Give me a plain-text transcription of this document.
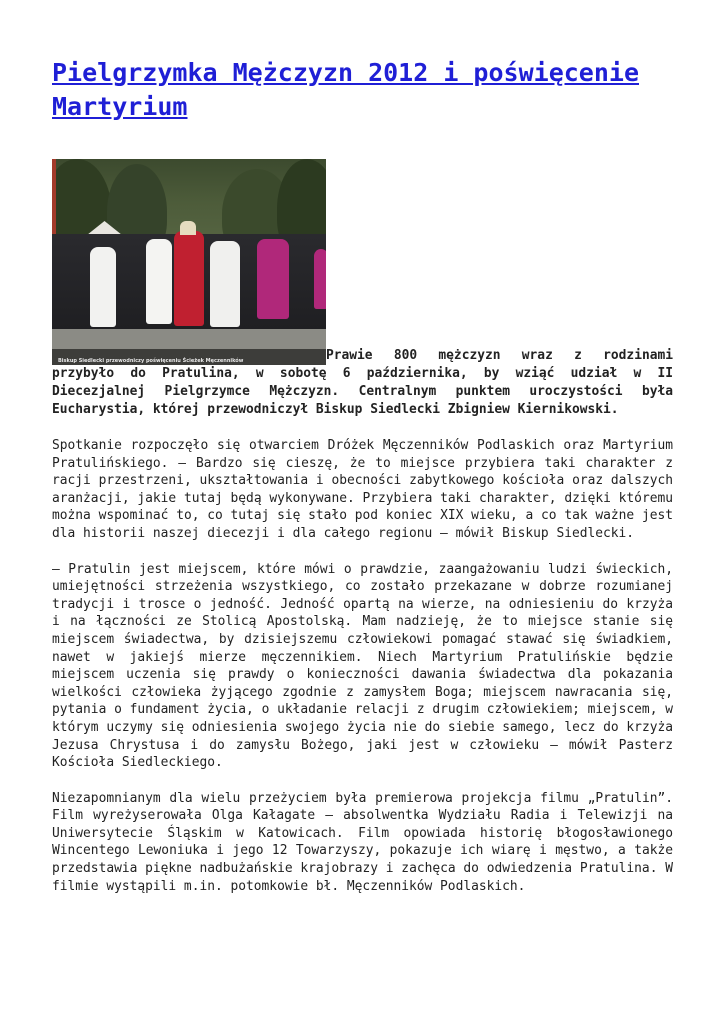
Pielgrzymka Mężczyzn 2012 i poświęcenie Martyrium
Biskup Siedlecki przewodniczy poświęceniu Ścieżek Męczenników	Prawie 800 mężczyzn wraz z rodzinami przybyło do Pratulina, w sobotę 6 października, by wziąć udział w II Diecezjalnej Pielgrzymce Mężczyzn. Centralnym punktem uroczystości była Eucharystia, której przewodniczył Biskup Siedlecki Zbigniew Kiernikowski.

Spotkanie rozpoczęło się otwarciem Dróżek Męczenników Podlaskich oraz Martyrium Pratulińskiego. – Bardzo się cieszę, że to miejsce przybiera taki charakter z racji przestrzeni, ukształtowania i obecności zabytkowego kościoła oraz dalszych aranżacji, jakie tutaj będą wykonywane. Przybiera taki charakter, dzięki któremu można wspominać to, co tutaj się stało pod koniec XIX wieku, a co tak ważne jest dla historii naszej diecezji i dla całego regionu – mówił Biskup Siedlecki.

– Pratulin jest miejscem, które mówi o prawdzie, zaangażowaniu ludzi świeckich, umiejętności strzeżenia wszystkiego, co zostało przekazane w dobrze rozumianej tradycji i trosce o jedność. Jedność opartą na wierze, na odniesieniu do krzyża i na łączności ze Stolicą Apostolską. Mam nadzieję, że to miejsce stanie się miejscem świadectwa, by dzisiejszemu człowiekowi pomagać stawać się świadkiem, nawet w jakiejś mierze męczennikiem. Niech Martyrium Pratulińskie będzie miejscem uczenia się prawdy o konieczności dawania świadectwa dla pokazania wielkości człowieka żyjącego zgodnie z zamysłem Boga; miejscem nawracania się, pytania o fundament życia, o układanie relacji z drugim człowiekiem; miejscem, w którym uczymy się odniesienia swojego życia nie do siebie samego, lecz do krzyża Jezusa Chrystusa i do zamysłu Bożego, jaki jest w człowieku – mówił Pasterz Kościoła Siedleckiego.

Niezapomnianym dla wielu przeżyciem była premierowa projekcja filmu „Pratulin”. Film wyreżyserowała Olga Kałagate – absolwentka Wydziału Radia i Telewizji na Uniwersytecie Śląskim w Katowicach. Film opowiada historię błogosławionego Wincentego Lewoniuka i jego 12 Towarzyszy, pokazuje ich wiarę i męstwo, a także przedstawia piękne nadbużańskie krajobrazy i zachęca do odwiedzenia Pratulina. W filmie wystąpili m.in. potomkowie bł. Męczenników Podlaskich.
